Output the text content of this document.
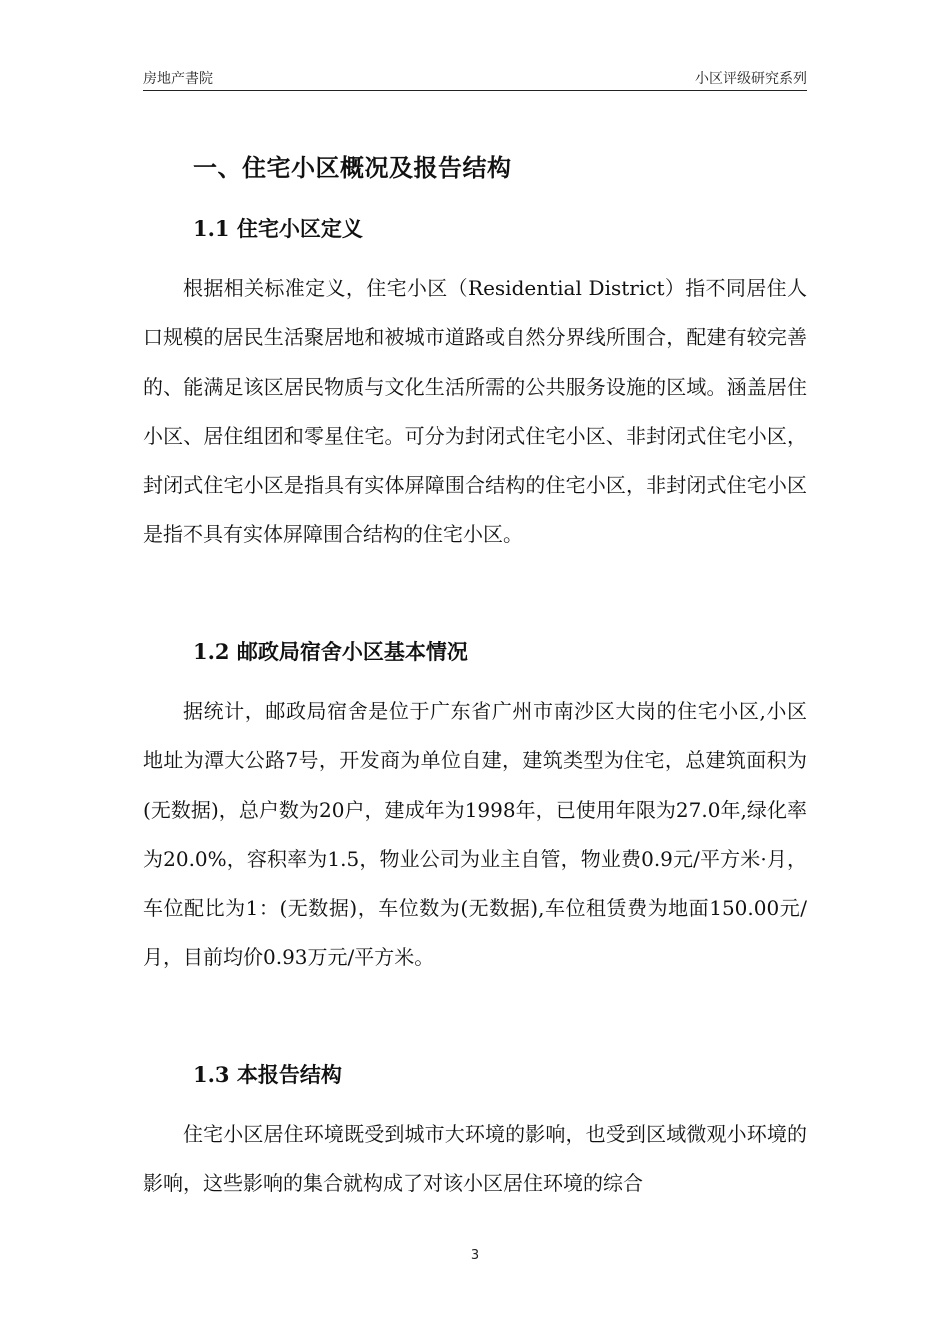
房地产書院	小区评级研究系列
一、住宅小区概况及报告结构
1.1 住宅小区定义

根据相关标准定义，住宅小区（Residential District）指不同居住人口规模的居民生活聚居地和被城市道路或自然分界线所围合，配建有较完善的、能满足该区居民物质与文化生活所需的公共服务设施的区域。涵盖居住小区、居住组团和零星住宅。可分为封闭式住宅小区、非封闭式住宅小区，封闭式住宅小区是指具有实体屏障围合结构的住宅小区，非封闭式住宅小区是指不具有实体屏障围合结构的住宅小区。

1.2 邮政局宿舍小区基本情况

据统计，邮政局宿舍是位于广东省广州市南沙区大岗的住宅小区,小区地址为潭大公路7号，开发商为单位自建，建筑类型为住宅，总建筑面积为(无数据)，总户数为20户，建成年为1998年，已使用年限为27.0年,绿化率为20.0%，容积率为1.5，物业公司为业主自管，物业费0.9元/平方米·月，车位配比为1：(无数据)，车位数为(无数据),车位租赁费为地面150.00元/月，目前均价0.93万元/平方米。

1.3 本报告结构

住宅小区居住环境既受到城市大环境的影响，也受到区域微观小环境的影响，这些影响的集合就构成了对该小区居住环境的综合

3
